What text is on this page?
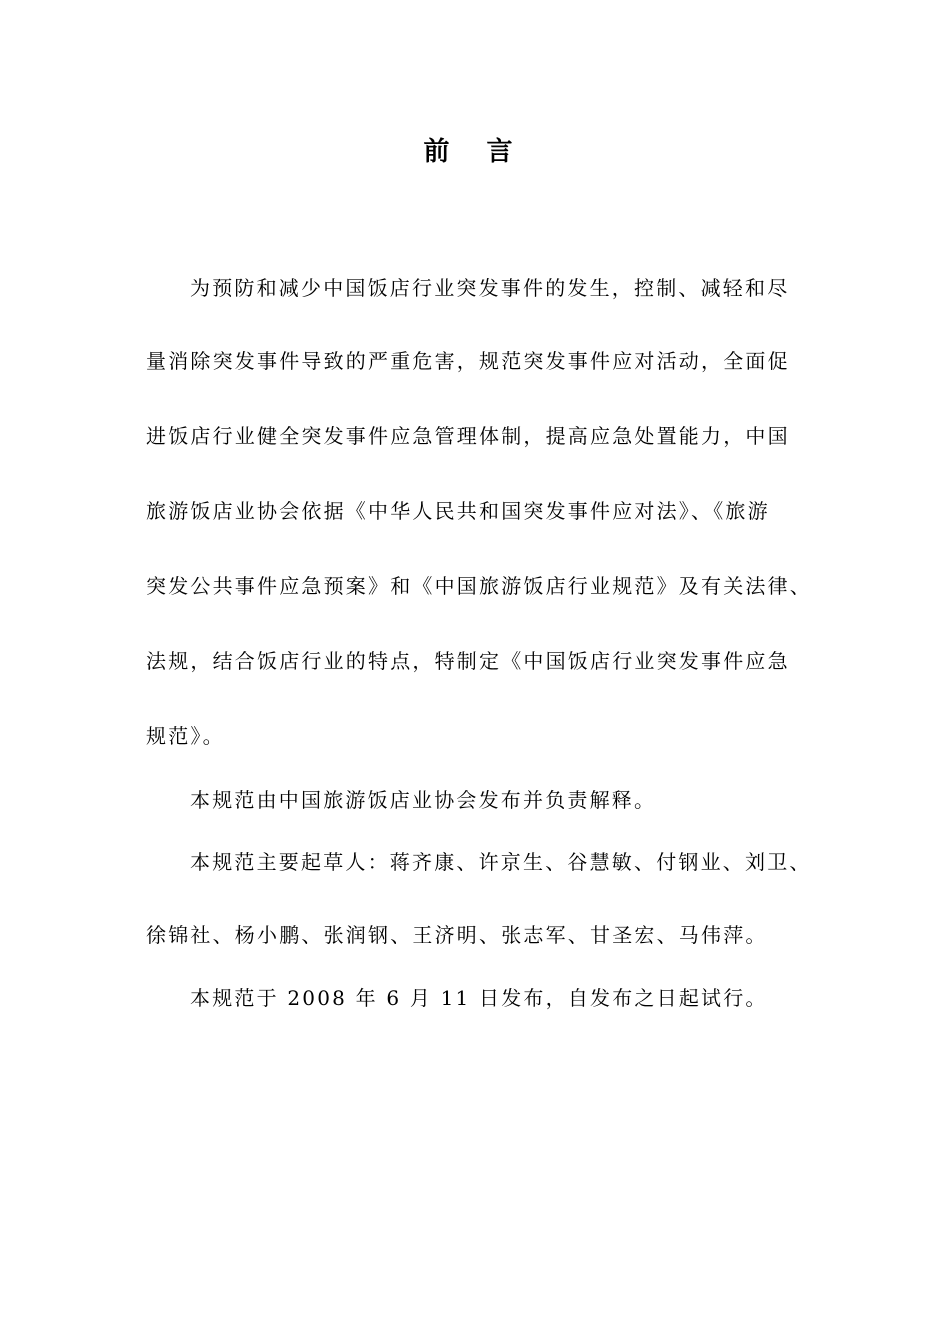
前 言
为预防和减少中国饭店行业突发事件的发生，控制、减轻和尽
量消除突发事件导致的严重危害，规范突发事件应对活动，全面促
进饭店行业健全突发事件应急管理体制，提高应急处置能力，中国
旅游饭店业协会依据《中华人民共和国突发事件应对法》、《旅游
突发公共事件应急预案》和《中国旅游饭店行业规范》及有关法律、
法规，结合饭店行业的特点，特制定《中国饭店行业突发事件应急
规范》。
本规范由中国旅游饭店业协会发布并负责解释。
本规范主要起草人：蒋齐康、许京生、谷慧敏、付钢业、刘卫、
徐锦社、杨小鹏、张润钢、王济明、张志军、甘圣宏、马伟萍。
本规范于 2008 年 6 月 11 日发布，自发布之日起试行。
